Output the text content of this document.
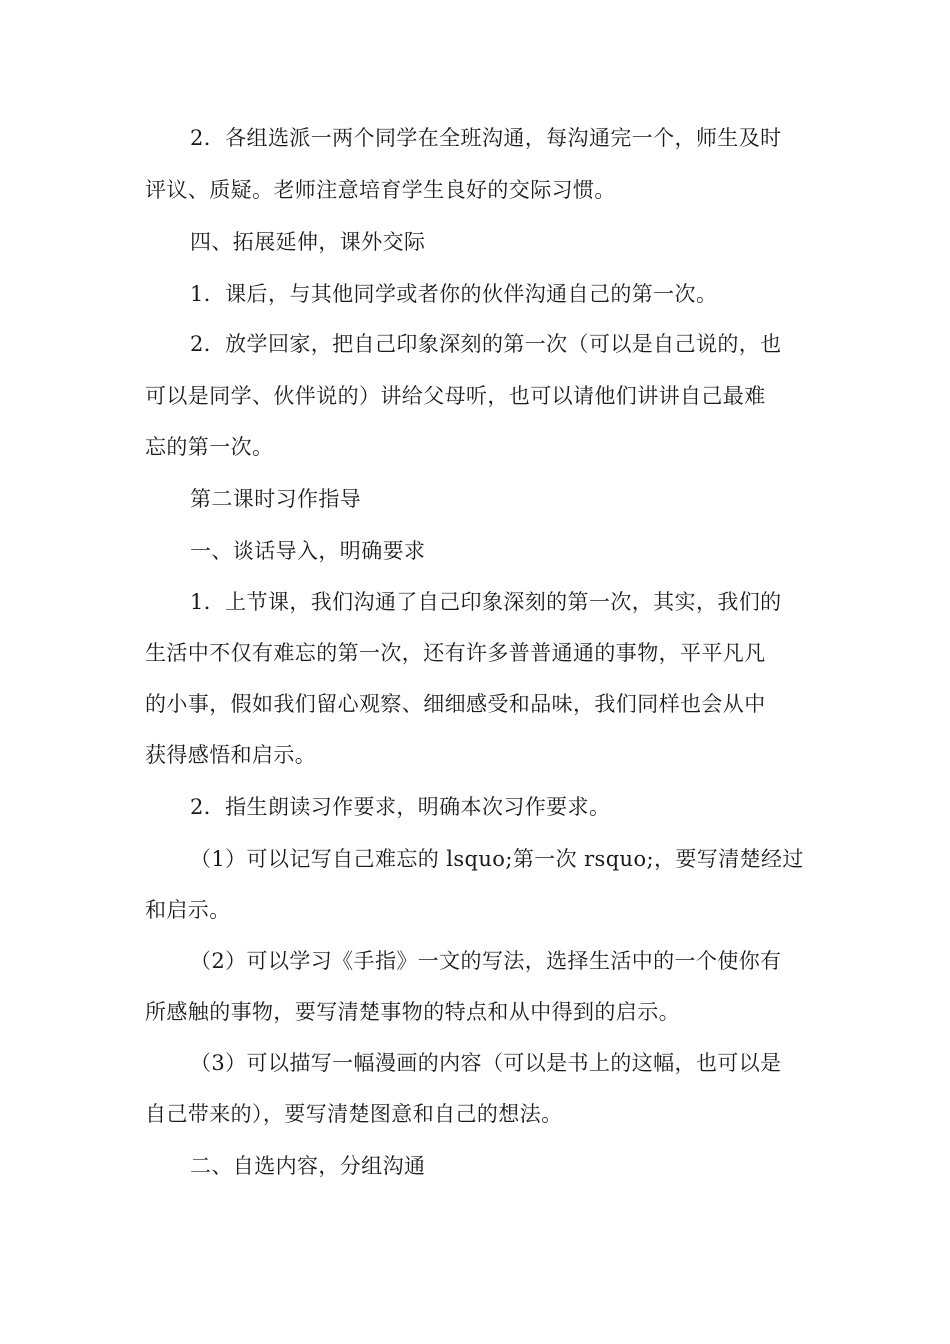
2．各组选派一两个同学在全班沟通，每沟通完一个，师生及时
评议、质疑。老师注意培育学生良好的交际习惯。
四、拓展延伸，课外交际
1．课后，与其他同学或者你的伙伴沟通自己的第一次。
2．放学回家，把自己印象深刻的第一次（可以是自己说的，也
可以是同学、伙伴说的）讲给父母听，也可以请他们讲讲自己最难
忘的第一次。
第二课时习作指导
一、谈话导入，明确要求
1．上节课，我们沟通了自己印象深刻的第一次，其实，我们的
生活中不仅有难忘的第一次，还有许多普普通通的事物，平平凡凡
的小事，假如我们留心观察、细细感受和品味，我们同样也会从中
获得感悟和启示。
2．指生朗读习作要求，明确本次习作要求。
（1）可以记写自己难忘的 lsquo;第一次 rsquo;，要写清楚经过
和启示。
（2）可以学习《手指》一文的写法，选择生活中的一个使你有
所感触的事物，要写清楚事物的特点和从中得到的启示。
（3）可以描写一幅漫画的内容（可以是书上的这幅，也可以是
自己带来的），要写清楚图意和自己的想法。
二、自选内容，分组沟通
